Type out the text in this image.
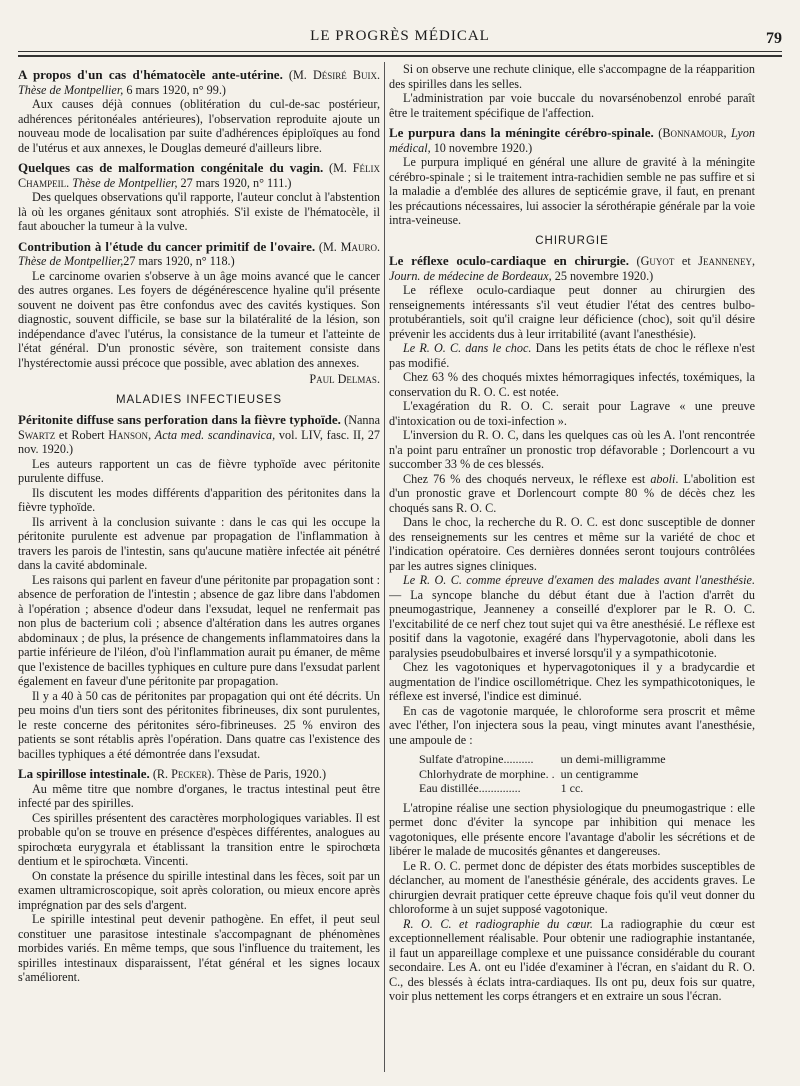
LE PROGRÈS MÉDICAL	79

A propos d'un cas d'hématocèle ante-utérine. (M. Désiré Buix. Thèse de Montpellier, 6 mars 1920, n° 99.)

Aux causes déjà connues (oblitération du cul-de-sac postérieur, adhérences péritonéales antérieures), l'observation reproduite ajoute un nouveau mode de localisation par suite d'adhérences épiploïques au fond de l'utérus et aux annexes, le Douglas demeuré d'ailleurs libre.

Quelques cas de malformation congénitale du vagin. (M. Félix Champeil. Thèse de Montpellier, 27 mars 1920, n° 111.)

Des quelques observations qu'il rapporte, l'auteur conclut à l'abstention là où les organes génitaux sont atrophiés. S'il existe de l'hématocèle, il faut aboucher la tumeur à la vulve.

Contribution à l'étude du cancer primitif de l'ovaire. (M. Mauro. Thèse de Montpellier,27 mars 1920, n° 118.)

Le carcinome ovarien s'observe à un âge moins avancé que le cancer des autres organes. Les foyers de dégénérescence hyaline qu'il présente souvent ne doivent pas être confondus avec des cavités kystiques. Son diagnostic, souvent difficile, se base sur la bilatéralité de la lésion, son indépendance d'avec l'utérus, la consistance de la tumeur et l'atteinte de l'état général. D'un pronostic sévère, son traitement consiste dans l'hystérectomie aussi précoce que possible, avec ablation des annexes.

Paul Delmas.

MALADIES INFECTIEUSES

Péritonite diffuse sans perforation dans la fièvre typhoïde. (Nanna Swartz et Robert Hanson, Acta med. scandinavica, vol. LIV, fasc. II, 27 nov. 1920.)

Les auteurs rapportent un cas de fièvre typhoïde avec péritonite purulente diffuse.

Ils discutent les modes différents d'apparition des péritonites dans la fièvre typhoïde.

Ils arrivent à la conclusion suivante : dans le cas qui les occupe la péritonite purulente est advenue par propagation de l'inflammation à travers les parois de l'intestin, sans qu'aucune matière infectée ait pénétré dans la cavité abdominale.

Les raisons qui parlent en faveur d'une péritonite par propagation sont : absence de perforation de l'intestin ; absence de gaz libre dans l'abdomen à l'opération ; absence d'odeur dans l'exsudat, lequel ne renfermait pas non plus de bacterium coli ; absence d'altération dans les autres organes abdominaux ; de plus, la présence de changements inflammatoires dans la partie inférieure de l'iléon, d'où l'inflammation aurait pu émaner, de même que l'existence de bacilles typhiques en culture pure dans l'exsudat parlent également en faveur d'une péritonite par propagation.

Il y a 40 à 50 cas de péritonites par propagation qui ont été décrits. Un peu moins d'un tiers sont des péritonites fibrineuses, dix sont purulentes, le reste concerne des péritonites séro-fibrineuses. 25 % environ des patients se sont rétablis après l'opération. Dans quatre cas l'existence des bacilles typhiques a été démontrée dans l'exsudat.

La spirillose intestinale. (R. Pecker). Thèse de Paris, 1920.)

Au même titre que nombre d'organes, le tractus intestinal peut être infecté par des spirilles.

Ces spirilles présentent des caractères morphologiques variables. Il est probable qu'on se trouve en présence d'espèces différentes, analogues au spirochœta eurygyrala et établissant la transition entre le spirochœta dentium et le spirochœta. Vincenti.

On constate la présence du spirille intestinal dans les fèces, soit par un examen ultramicroscopique, soit après coloration, ou mieux encore après imprégnation par des sels d'argent.

Le spirille intestinal peut devenir pathogène. En effet, il peut seul constituer une parasitose intestinale s'accompagnant de phénomènes morbides variés. En même temps, que sous l'influence du traitement, les spirilles intestinaux disparaissent, l'état général et les signes locaux s'améliorent.

Si on observe une rechute clinique, elle s'accompagne de la réapparition des spirilles dans les selles.

L'administration par voie buccale du novarsénobenzol enrobé paraît être le traitement spécifique de l'affection.

Le purpura dans la méningite cérébro-spinale. (Bonnamour, Lyon médical, 10 novembre 1920.)

Le purpura impliqué en général une allure de gravité à la méningite cérébro-spinale ; si le traitement intra-rachidien semble ne pas suffire et si la maladie a d'emblée des allures de septicémie grave, il faut, en prenant les précautions nécessaires, lui associer la sérothérapie générale par la voie intra-veineuse.

CHIRURGIE

Le réflexe oculo-cardiaque en chirurgie. (Guyot et Jeanneney, Journ. de médecine de Bordeaux, 25 novembre 1920.)

Le réflexe oculo-cardiaque peut donner au chirurgien des renseignements intéressants s'il veut étudier l'état des centres bulbo-protubérantiels, soit qu'il craigne leur déficience (choc), soit qu'il désire prévenir les accidents dus à leur irritabilité (avant l'anesthésie).

Le R. O. C. dans le choc. Dans les petits états de choc le réflexe n'est pas modifié.

Chez 63 % des choqués mixtes hémorragiques infectés, toxémiques, la conservation du R. O. C. est notée.

L'exagération du R. O. C. serait pour Lagrave « une preuve d'intoxication ou de toxi-infection ».

L'inversion du R. O. C, dans les quelques cas où les A. l'ont rencontrée n'a point paru entraîner un pronostic trop défavorable ; Dorlencourt a vu succomber 33 % de ces blessés.

Chez 76 % des choqués nerveux, le réflexe est aboli. L'abolition est d'un pronostic grave et Dorlencourt compte 80 % de décès chez les choqués sans R. O. C.

Dans le choc, la recherche du R. O. C. est donc susceptible de donner des renseignements sur les centres et même sur la variété de choc et l'indication opératoire. Ces dernières données seront toujours contrôlées par les autres signes cliniques.

Le R. O. C. comme épreuve d'examen des malades avant l'anesthésie. — La syncope blanche du début étant due à l'action d'arrêt du pneumogastrique, Jeanneney a conseillé d'explorer par le R. O. C. l'excitabilité de ce nerf chez tout sujet qui va être anesthésié. Le réflexe est positif dans la vagotonie, exagéré dans l'hypervagotonie, aboli dans les paralysies pseudobulbaires et inversé lorsqu'il y a sympathicotonie.

Chez les vagotoniques et hypervagotoniques il y a bradycardie et augmentation de l'indice oscillométrique. Chez les sympathicotoniques, le réflexe est inversé, l'indice est diminué.

En cas de vagotonie marquée, le chloroforme sera proscrit et même avec l'éther, l'on injectera sous la peau, vingt minutes avant l'anesthésie, une ampoule de :

Sulfate d'atropine..........	un demi-milligramme
Chlorhydrate de morphine. .	un centigramme
Eau distillée..............	1 cc.

L'atropine réalise une section physiologique du pneumogastrique : elle permet donc d'éviter la syncope par inhibition qui menace les vagotoniques, elle présente encore l'avantage d'abolir les sécrétions et de libérer le malade de mucosités gênantes et dangereuses.

Le R. O. C. permet donc de dépister des états morbides susceptibles de déclancher, au moment de l'anesthésie générale, des accidents graves. Le chirurgien devrait pratiquer cette épreuve chaque fois qu'il veut donner du chloroforme à un sujet supposé vagotonique.

R. O. C. et radiographie du cœur. La radiographie du cœur est exceptionnellement réalisable. Pour obtenir une radiographie instantanée, il faut un appareillage complexe et une puissance considérable du courant secondaire. Les A. ont eu l'idée d'examiner à l'écran, en s'aidant du R. O. C., des blessés à éclats intra-cardiaques. Ils ont pu, deux fois sur quatre, voir plus nettement les corps étrangers et en extraire un sous l'écran.
